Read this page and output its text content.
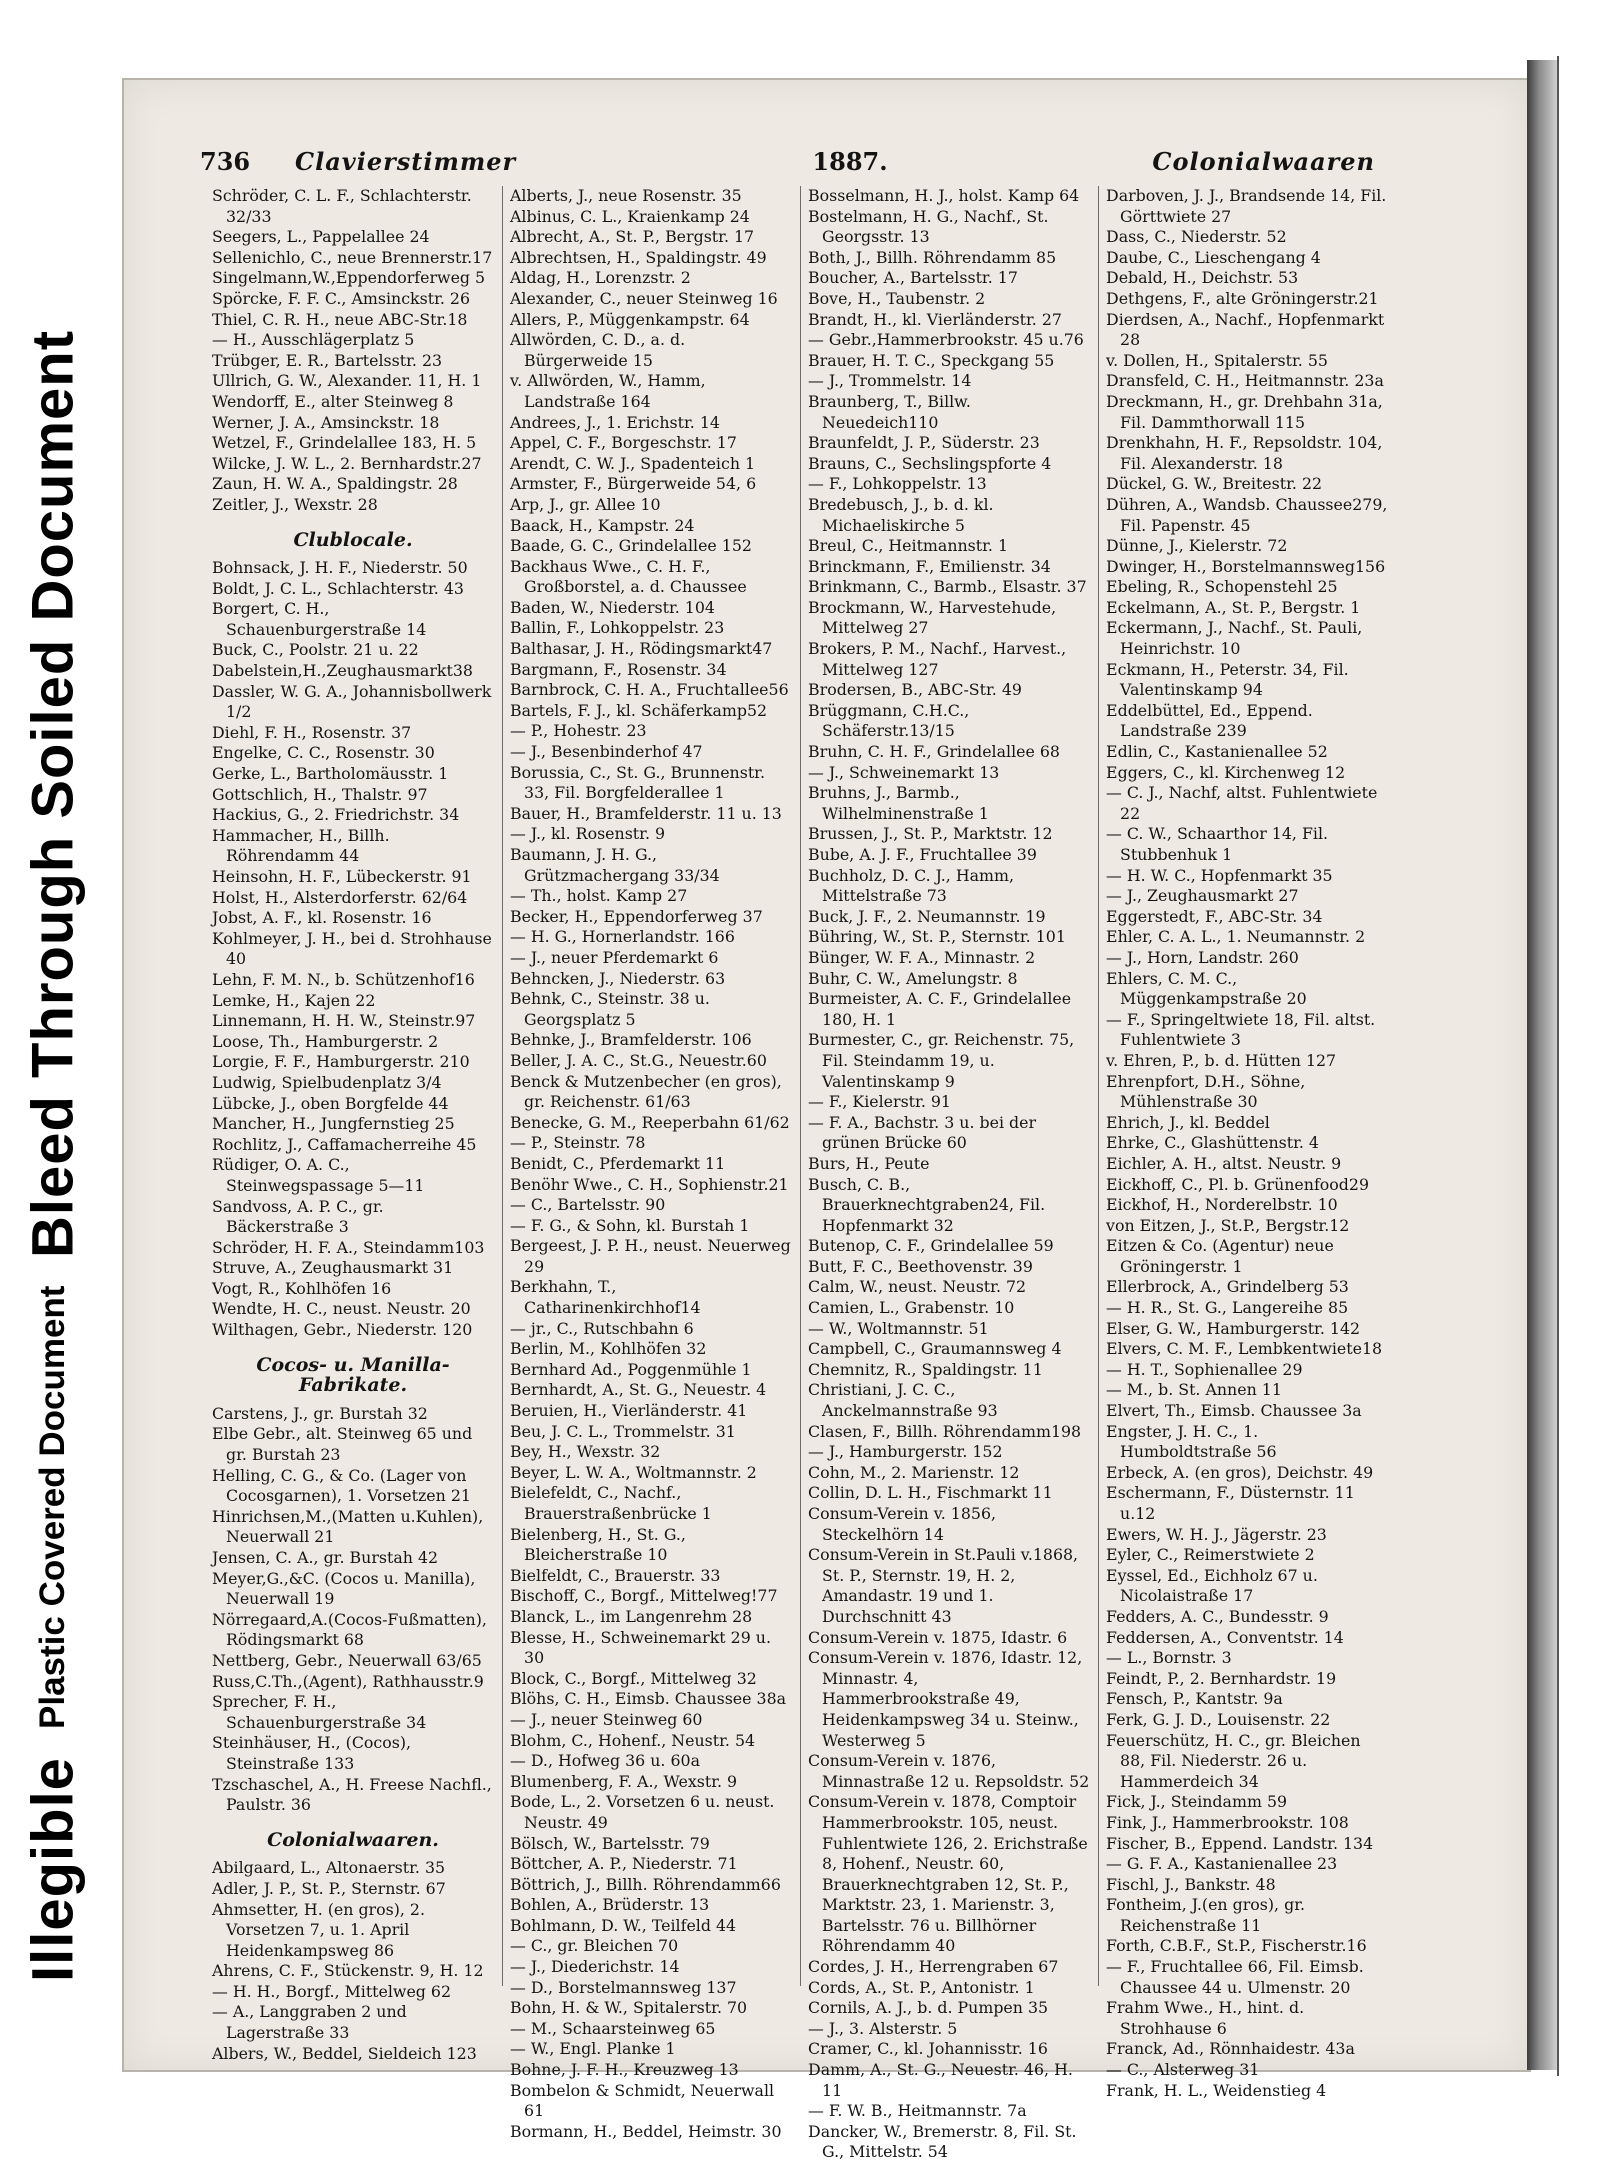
Illegible
Plastic Covered Document
Bleed Through Soiled Document
736	Clavierstimmer	1887.	Colonialwaaren
Schröder, C. L. F., Schlachterstr. 32/33
Seegers, L., Pappelallee 24
Sellenichlo, C., neue Brennerstr.17
Singelmann,W.,Eppendorferweg 5
Spörcke, F. F. C., Amsinckstr. 26
Thiel, C. R. H., neue ABC-Str.18
— H., Ausschlägerplatz 5
Trübger, E. R., Bartelsstr. 23
Ullrich, G. W., Alexander. 11, H. 1
Wendorff, E., alter Steinweg 8
Werner, J. A., Amsinckstr. 18
Wetzel, F., Grindelallee 183, H. 5
Wilcke, J. W. L., 2. Bernhardstr.27
Zaun, H. W. A., Spaldingstr. 28
Zeitler, J., Wexstr. 28
Clublocale.
Bohnsack, J. H. F., Niederstr. 50
Boldt, J. C. L., Schlachterstr. 43
Borgert, C. H., Schauenburgerstraße 14
Buck, C., Poolstr. 21 u. 22
Dabelstein,H.,Zeughausmarkt38
Dassler, W. G. A., Johannisbollwerk 1/2
Diehl, F. H., Rosenstr. 37
Engelke, C. C., Rosenstr. 30
Gerke, L., Bartholomäusstr. 1
Gottschlich, H., Thalstr. 97
Hackius, G., 2. Friedrichstr. 34
Hammacher, H., Billh. Röhrendamm 44
Heinsohn, H. F., Lübeckerstr. 91
Holst, H., Alsterdorferstr. 62/64
Jobst, A. F., kl. Rosenstr. 16
Kohlmeyer, J. H., bei d. Strohhause 40
Lehn, F. M. N., b. Schützenhof16
Lemke, H., Kajen 22
Linnemann, H. H. W., Steinstr.97
Loose, Th., Hamburgerstr. 2
Lorgie, F. F., Hamburgerstr. 210
Ludwig, Spielbudenplatz 3/4
Lübcke, J., oben Borgfelde 44
Mancher, H., Jungfernstieg 25
Rochlitz, J., Caffamacherreihe 45
Rüdiger, O. A. C., Steinwegspassage 5—11
Sandvoss, A. P. C., gr. Bäckerstraße 3
Schröder, H. F. A., Steindamm103
Struve, A., Zeughausmarkt 31
Vogt, R., Kohlhöfen 16
Wendte, H. C., neust. Neustr. 20
Wilthagen, Gebr., Niederstr. 120
Cocos- u. Manilla-Fabrikate.
Carstens, J., gr. Burstah 32
Elbe Gebr., alt. Steinweg 65 und gr. Burstah 23
Helling, C. G., & Co. (Lager von Cocosgarnen), 1. Vorsetzen 21
Hinrichsen,M.,(Matten u.Kuhlen), Neuerwall 21
Jensen, C. A., gr. Burstah 42
Meyer,G.,&C. (Cocos u. Manilla), Neuerwall 19
Nörregaard,A.(Cocos-Fußmatten), Rödingsmarkt 68
Nettberg, Gebr., Neuerwall 63/65
Russ,C.Th.,(Agent), Rathhausstr.9
Sprecher, F. H., Schauenburgerstraße 34
Steinhäuser, H., (Cocos), Steinstraße 133
Tzschaschel, A., H. Freese Nachfl., Paulstr. 36
Colonialwaaren.
Abilgaard, L., Altonaerstr. 35
Adler, J. P., St. P., Sternstr. 67
Ahmsetter, H. (en gros), 2. Vorsetzen 7, u. 1. April Heidenkampsweg 86
Ahrens, C. F., Stückenstr. 9, H. 12
— H. H., Borgf., Mittelweg 62
— A., Langgraben 2 und Lagerstraße 33
Albers, W., Beddel, Sieldeich 123
Alberts, J., neue Rosenstr. 35
Albinus, C. L., Kraienkamp 24
Albrecht, A., St. P., Bergstr. 17
Albrechtsen, H., Spaldingstr. 49
Aldag, H., Lorenzstr. 2
Alexander, C., neuer Steinweg 16
Allers, P., Müggenkampstr. 64
Allwörden, C. D., a. d. Bürgerweide 15
v. Allwörden, W., Hamm, Landstraße 164
Andrees, J., 1. Erichstr. 14
Appel, C. F., Borgeschstr. 17
Arendt, C. W. J., Spadenteich 1
Armster, F., Bürgerweide 54, 6
Arp, J., gr. Allee 10
Baack, H., Kampstr. 24
Baade, G. C., Grindelallee 152
Backhaus Wwe., C. H. F., Großborstel, a. d. Chaussee
Baden, W., Niederstr. 104
Ballin, F., Lohkoppelstr. 23
Balthasar, J. H., Rödingsmarkt47
Bargmann, F., Rosenstr. 34
Barnbrock, C. H. A., Fruchtallee56
Bartels, F. J., kl. Schäferkamp52
— P., Hohestr. 23
— J., Besenbinderhof 47
Borussia, C., St. G., Brunnenstr. 33, Fil. Borgfelderallee 1
Bauer, H., Bramfelderstr. 11 u. 13
— J., kl. Rosenstr. 9
Baumann, J. H. G., Grützmachergang 33/34
— Th., holst. Kamp 27
Becker, H., Eppendorferweg 37
— H. G., Hornerlandstr. 166
— J., neuer Pferdemarkt 6
Behncken, J., Niederstr. 63
Behnk, C., Steinstr. 38 u. Georgsplatz 5
Behnke, J., Bramfelderstr. 106
Beller, J. A. C., St.G., Neuestr.60
Benck & Mutzenbecher (en gros), gr. Reichenstr. 61/63
Benecke, G. M., Reeperbahn 61/62
— P., Steinstr. 78
Benidt, C., Pferdemarkt 11
Benöhr Wwe., C. H., Sophienstr.21
— C., Bartelsstr. 90
— F. G., & Sohn, kl. Burstah 1
Bergeest, J. P. H., neust. Neuerweg 29
Berkhahn, T., Catharinenkirchhof14
— jr., C., Rutschbahn 6
Berlin, M., Kohlhöfen 32
Bernhard Ad., Poggenmühle 1
Bernhardt, A., St. G., Neuestr. 4
Beruien, H., Vierländerstr. 41
Beu, J. C. L., Trommelstr. 31
Bey, H., Wexstr. 32
Beyer, L. W. A., Woltmannstr. 2
Bielefeldt, C., Nachf., Brauerstraßenbrücke 1
Bielenberg, H., St. G., Bleicherstraße 10
Bielfeldt, C., Brauerstr. 33
Bischoff, C., Borgf., Mittelweg!77
Blanck, L., im Langenrehm 28
Blesse, H., Schweinemarkt 29 u. 30
Block, C., Borgf., Mittelweg 32
Blöhs, C. H., Eimsb. Chaussee 38a
— J., neuer Steinweg 60
Blohm, C., Hohenf., Neustr. 54
— D., Hofweg 36 u. 60a
Blumenberg, F. A., Wexstr. 9
Bode, L., 2. Vorsetzen 6 u. neust. Neustr. 49
Bölsch, W., Bartelsstr. 79
Böttcher, A. P., Niederstr. 71
Böttrich, J., Billh. Röhrendamm66
Bohlen, A., Brüderstr. 13
Bohlmann, D. W., Teilfeld 44
— C., gr. Bleichen 70
— J., Diederichstr. 14
— D., Borstelmannsweg 137
Bohn, H. & W., Spitalerstr. 70
— M., Schaarsteinweg 65
— W., Engl. Planke 1
Bohne, J. F. H., Kreuzweg 13
Bombelon & Schmidt, Neuerwall 61
Bormann, H., Beddel, Heimstr. 30
Bosselmann, H. J., holst. Kamp 64
Bostelmann, H. G., Nachf., St. Georgsstr. 13
Both, J., Billh. Röhrendamm 85
Boucher, A., Bartelsstr. 17
Bove, H., Taubenstr. 2
Brandt, H., kl. Vierländerstr. 27
— Gebr.,Hammerbrookstr. 45 u.76
Brauer, H. T. C., Speckgang 55
— J., Trommelstr. 14
Braunberg, T., Billw. Neuedeich110
Braunfeldt, J. P., Süderstr. 23
Brauns, C., Sechslingspforte 4
— F., Lohkoppelstr. 13
Bredebusch, J., b. d. kl. Michaeliskirche 5
Breul, C., Heitmannstr. 1
Brinckmann, F., Emilienstr. 34
Brinkmann, C., Barmb., Elsastr. 37
Brockmann, W., Harvestehude, Mittelweg 27
Brokers, P. M., Nachf., Harvest., Mittelweg 127
Brodersen, B., ABC-Str. 49
Brüggmann, C.H.C., Schäferstr.13/15
Bruhn, C. H. F., Grindelallee 68
— J., Schweinemarkt 13
Bruhns, J., Barmb., Wilhelminenstraße 1
Brussen, J., St. P., Marktstr. 12
Bube, A. J. F., Fruchtallee 39
Buchholz, D. C. J., Hamm, Mittelstraße 73
Buck, J. F., 2. Neumannstr. 19
Bühring, W., St. P., Sternstr. 101
Bünger, W. F. A., Minnastr. 2
Buhr, C. W., Amelungstr. 8
Burmeister, A. C. F., Grindelallee 180, H. 1
Burmester, C., gr. Reichenstr. 75, Fil. Steindamm 19, u. Valentinskamp 9
— F., Kielerstr. 91
— F. A., Bachstr. 3 u. bei der grünen Brücke 60
Burs, H., Peute
Busch, C. B., Brauerknechtgraben24, Fil. Hopfenmarkt 32
Butenop, C. F., Grindelallee 59
Butt, F. C., Beethovenstr. 39
Calm, W., neust. Neustr. 72
Camien, L., Grabenstr. 10
— W., Woltmannstr. 51
Campbell, C., Graumannsweg 4
Chemnitz, R., Spaldingstr. 11
Christiani, J. C. C., Anckelmannstraße 93
Clasen, F., Billh. Röhrendamm198
— J., Hamburgerstr. 152
Cohn, M., 2. Marienstr. 12
Collin, D. L. H., Fischmarkt 11
Consum-Verein v. 1856, Steckelhörn 14
Consum-Verein in St.Pauli v.1868, St. P., Sternstr. 19, H. 2, Amandastr. 19 und 1. Durchschnitt 43
Consum-Verein v. 1875, Idastr. 6
Consum-Verein v. 1876, Idastr. 12, Minnastr. 4, Hammerbrookstraße 49, Heidenkampsweg 34 u. Steinw., Westerweg 5
Consum-Verein v. 1876, Minnastraße 12 u. Repsoldstr. 52
Consum-Verein v. 1878, Comptoir Hammerbrookstr. 105, neust. Fuhlentwiete 126, 2. Erichstraße 8, Hohenf., Neustr. 60, Brauerknechtgraben 12, St. P., Marktstr. 23, 1. Marienstr. 3, Bartelsstr. 76 u. Billhörner Röhrendamm 40
Cordes, J. H., Herrengraben 67
Cords, A., St. P., Antonistr. 1
Cornils, A. J., b. d. Pumpen 35
— J., 3. Alsterstr. 5
Cramer, C., kl. Johannisstr. 16
Damm, A., St. G., Neuestr. 46, H. 11
— F. W. B., Heitmannstr. 7a
Dancker, W., Bremerstr. 8, Fil. St. G., Mittelstr. 54
Darboven, J. J., Brandsende 14, Fil. Görttwiete 27
Dass, C., Niederstr. 52
Daube, C., Lieschengang 4
Debald, H., Deichstr. 53
Dethgens, F., alte Gröningerstr.21
Dierdsen, A., Nachf., Hopfenmarkt 28
v. Dollen, H., Spitalerstr. 55
Dransfeld, C. H., Heitmannstr. 23a
Dreckmann, H., gr. Drehbahn 31a, Fil. Dammthorwall 115
Drenkhahn, H. F., Repsoldstr. 104, Fil. Alexanderstr. 18
Dückel, G. W., Breitestr. 22
Dühren, A., Wandsb. Chaussee279, Fil. Papenstr. 45
Dünne, J., Kielerstr. 72
Dwinger, H., Borstelmannsweg156
Ebeling, R., Schopenstehl 25
Eckelmann, A., St. P., Bergstr. 1
Eckermann, J., Nachf., St. Pauli, Heinrichstr. 10
Eckmann, H., Peterstr. 34, Fil. Valentinskamp 94
Eddelbüttel, Ed., Eppend. Landstraße 239
Edlin, C., Kastanienallee 52
Eggers, C., kl. Kirchenweg 12
— C. J., Nachf, altst. Fuhlentwiete 22
— C. W., Schaarthor 14, Fil. Stubbenhuk 1
— H. W. C., Hopfenmarkt 35
— J., Zeughausmarkt 27
Eggerstedt, F., ABC-Str. 34
Ehler, C. A. L., 1. Neumannstr. 2
— J., Horn, Landstr. 260
Ehlers, C. M. C., Müggenkampstraße 20
— F., Springeltwiete 18, Fil. altst. Fuhlentwiete 3
v. Ehren, P., b. d. Hütten 127
Ehrenpfort, D.H., Söhne, Mühlenstraße 30
Ehrich, J., kl. Beddel
Ehrke, C., Glashüttenstr. 4
Eichler, A. H., altst. Neustr. 9
Eickhoff, C., Pl. b. Grünenfood29
Eickhof, H., Norderelbstr. 10
von Eitzen, J., St.P., Bergstr.12
Eitzen & Co. (Agentur) neue Gröningerstr. 1
Ellerbrock, A., Grindelberg 53
— H. R., St. G., Langereihe 85
Elser, G. W., Hamburgerstr. 142
Elvers, C. M. F., Lembkentwiete18
— H. T., Sophienallee 29
— M., b. St. Annen 11
Elvert, Th., Eimsb. Chaussee 3a
Engster, J. H. C., 1. Humboldtstraße 56
Erbeck, A. (en gros), Deichstr. 49
Eschermann, F., Düsternstr. 11 u.12
Ewers, W. H. J., Jägerstr. 23
Eyler, C., Reimerstwiete 2
Eyssel, Ed., Eichholz 67 u. Nicolaistraße 17
Fedders, A. C., Bundesstr. 9
Feddersen, A., Conventstr. 14
— L., Bornstr. 3
Feindt, P., 2. Bernhardstr. 19
Fensch, P., Kantstr. 9a
Ferk, G. J. D., Louisenstr. 22
Feuerschütz, H. C., gr. Bleichen 88, Fil. Niederstr. 26 u. Hammerdeich 34
Fick, J., Steindamm 59
Fink, J., Hammerbrookstr. 108
Fischer, B., Eppend. Landstr. 134
— G. F. A., Kastanienallee 23
Fischl, J., Bankstr. 48
Fontheim, J.(en gros), gr. Reichenstraße 11
Forth, C.B.F., St.P., Fischerstr.16
— F., Fruchtallee 66, Fil. Eimsb. Chaussee 44 u. Ulmenstr. 20
Frahm Wwe., H., hint. d. Strohhause 6
Franck, Ad., Rönnhaidestr. 43a
— C., Alsterweg 31
Frank, H. L., Weidenstieg 4
